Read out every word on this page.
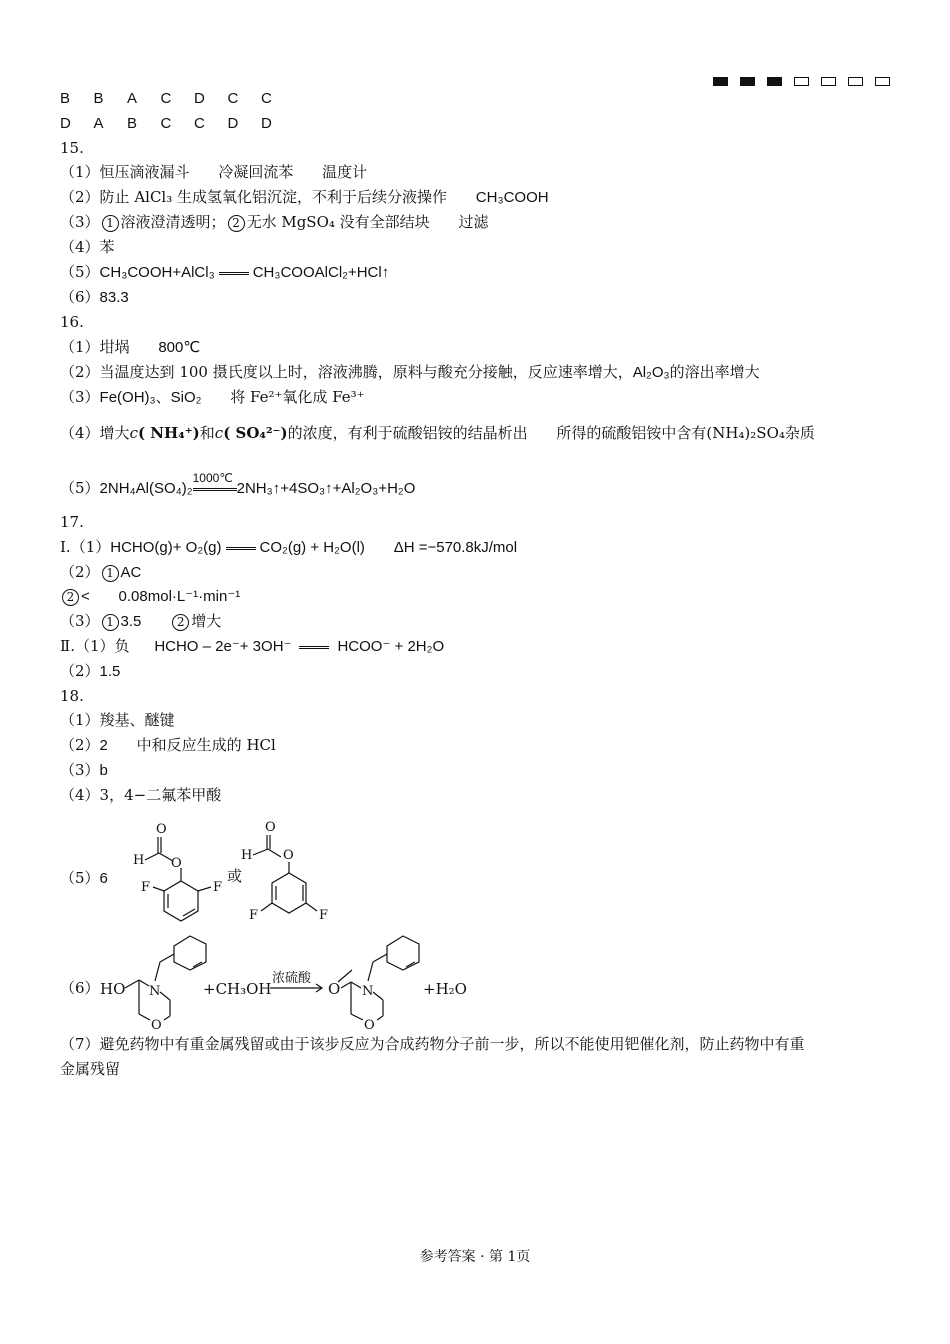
B B A C D C C
D A B C C D D
15.
（1）恒压滴液漏斗 冷凝回流苯 温度计
（2）防止 AlCl₃ 生成氢氧化铝沉淀，不利于后续分液操作 CH₃COOH
（3） 1 溶液澄清透明； 2 无水 MgSO₄ 没有全部结块 过滤
（4）苯
（5）CH₃COOH+AlCl₃	CH₃COOAlCl₂+HCl↑
（6）83.3
16.
（1）坩埚 800℃
（2）当温度达到 100 摄氏度以上时，溶液沸腾，原料与酸充分接触，反应速率增大，Al₂O₃的溶出率增大
（3）Fe(OH)₃、SiO₂ 将 Fe²⁺氧化成 Fe³⁺
（4）增大c( NH₄⁺)和c( SO₄²⁻)的浓度，有利于硫酸铝铵的结晶析出 所得的硫酸铝铵中含有(NH₄)₂SO₄杂质
（5）2NH₄Al(SO₄)₂
1000℃
2NH₃↑+4SO₃↑+Al₂O₃+H₂O
17.
Ⅰ.（1）HCHO(g)+ O₂(g)	CO₂(g) + H₂O(l) ΔH =−570.8kJ/mol
（2） 1 AC
2 < 0.08mol·L⁻¹·min⁻¹
（3） 1 3.5	2 增大
Ⅱ.（1）负 HCHO – 2e⁻+ 3OH⁻	HCOO⁻ + 2H₂O
（2）1.5
18.
（1）羧基、醚键
（2）2 中和反应生成的 HCl
（3）b
（4）3，4−二氟苯甲酸
（5）6
O
H O
F	F
或
O
H O
F	F
（6） HO N
O
+CH₃OH
浓硫酸
O N
O
+H₂O
（7）避免药物中有重金属残留或由于该步反应为合成药物分子前一步，所以不能使用钯催化剂，防止药物中有重
金属残留
参考答案 · 第 1页
